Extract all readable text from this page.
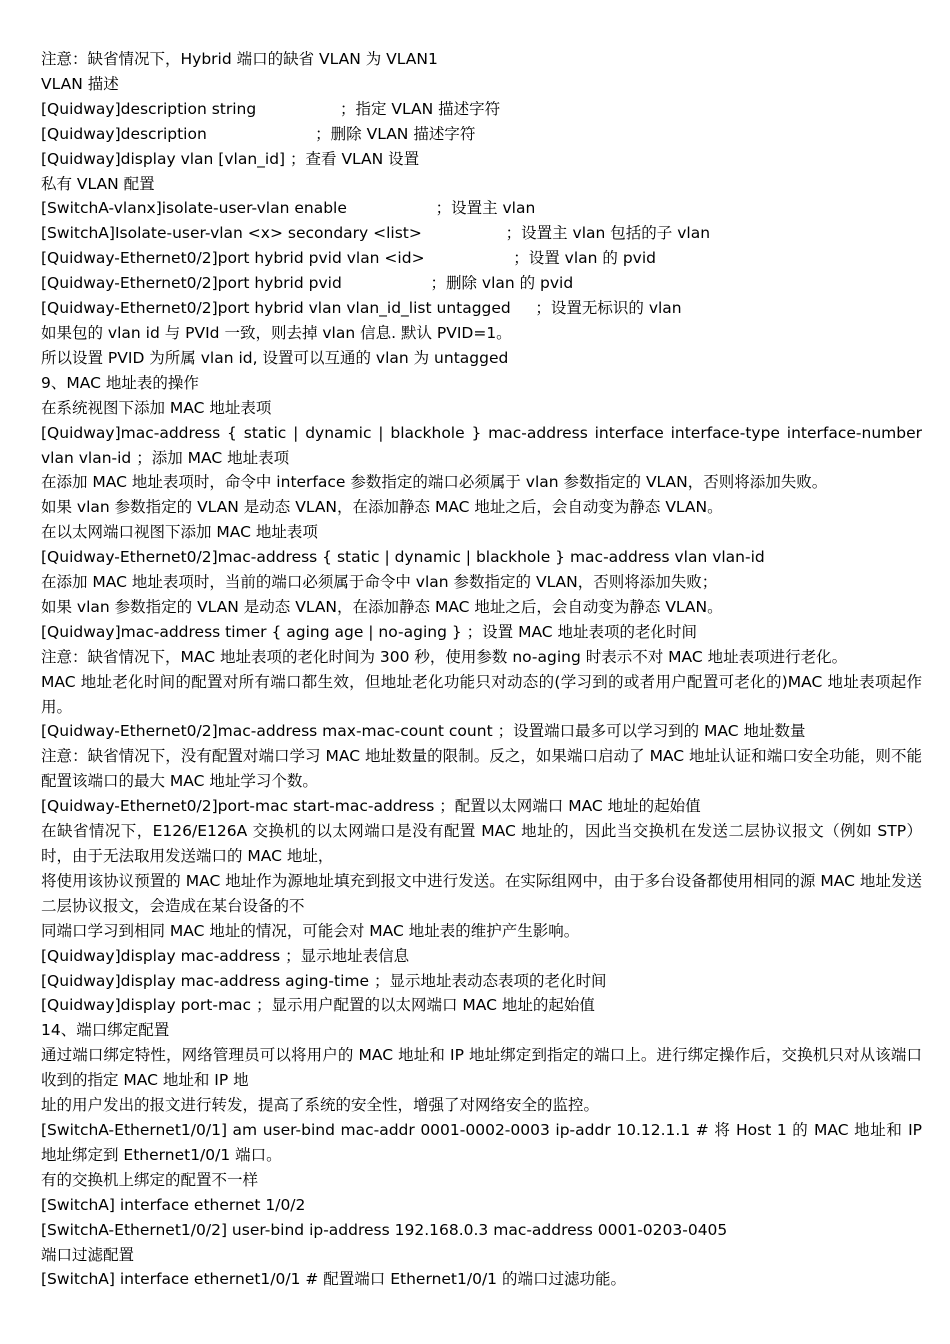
注意：缺省情况下，Hybrid 端口的缺省 VLAN 为 VLAN1
VLAN 描述
[Quidway]description string                 ；指定 VLAN 描述字符
[Quidway]description                      ；删除 VLAN 描述字符
[Quidway]display vlan [vlan_id] ；查看 VLAN 设置
私有 VLAN 配置
[SwitchA-vlanx]isolate-user-vlan enable                  ；设置主 vlan
[SwitchA]Isolate-user-vlan <x> secondary <list>                 ；设置主 vlan 包括的子 vlan
[Quidway-Ethernet0/2]port hybrid pvid vlan <id>                  ；设置 vlan 的 pvid
[Quidway-Ethernet0/2]port hybrid pvid                  ；删除 vlan 的 pvid
[Quidway-Ethernet0/2]port hybrid vlan vlan_id_list untagged     ；设置无标识的 vlan
如果包的 vlan id 与 PVId 一致，则去掉 vlan 信息. 默认 PVID=1。
所以设置 PVID 为所属 vlan id, 设置可以互通的 vlan 为 untagged
9、MAC 地址表的操作
在系统视图下添加 MAC 地址表项
[Quidway]mac-address { static | dynamic | blackhole } mac-address interface interface-type interface-number vlan vlan-id ；添加 MAC 地址表项
在添加 MAC 地址表项时，命令中 interface 参数指定的端口必须属于 vlan 参数指定的 VLAN，否则将添加失败。
如果 vlan 参数指定的 VLAN 是动态 VLAN，在添加静态 MAC 地址之后，会自动变为静态 VLAN。
在以太网端口视图下添加 MAC 地址表项
[Quidway-Ethernet0/2]mac-address { static | dynamic | blackhole } mac-address vlan vlan-id
在添加 MAC 地址表项时，当前的端口必须属于命令中 vlan 参数指定的 VLAN，否则将添加失败；
如果 vlan 参数指定的 VLAN 是动态 VLAN，在添加静态 MAC 地址之后，会自动变为静态 VLAN。
[Quidway]mac-address timer { aging age | no-aging } ；设置 MAC 地址表项的老化时间
注意：缺省情况下，MAC 地址表项的老化时间为 300 秒，使用参数 no-aging 时表示不对 MAC 地址表项进行老化。
MAC 地址老化时间的配置对所有端口都生效，但地址老化功能只对动态的(学习到的或者用户配置可老化的)MAC 地址表项起作用。
[Quidway-Ethernet0/2]mac-address max-mac-count count ；设置端口最多可以学习到的 MAC 地址数量
注意：缺省情况下，没有配置对端口学习 MAC 地址数量的限制。反之，如果端口启动了 MAC 地址认证和端口安全功能，则不能配置该端口的最大 MAC 地址学习个数。
[Quidway-Ethernet0/2]port-mac start-mac-address ；配置以太网端口 MAC 地址的起始值
在缺省情况下，E126/E126A 交换机的以太网端口是没有配置 MAC 地址的，因此当交换机在发送二层协议报文（例如 STP）时，由于无法取用发送端口的 MAC 地址，
将使用该协议预置的 MAC 地址作为源地址填充到报文中进行发送。在实际组网中，由于多台设备都使用相同的源 MAC 地址发送二层协议报文，会造成在某台设备的不
同端口学习到相同 MAC 地址的情况，可能会对 MAC 地址表的维护产生影响。
[Quidway]display mac-address ；显示地址表信息
[Quidway]display mac-address aging-time ；显示地址表动态表项的老化时间
[Quidway]display port-mac ；显示用户配置的以太网端口 MAC 地址的起始值
14、端口绑定配置
通过端口绑定特性，网络管理员可以将用户的 MAC 地址和 IP 地址绑定到指定的端口上。进行绑定操作后，交换机只对从该端口收到的指定 MAC 地址和 IP 地
址的用户发出的报文进行转发，提高了系统的安全性，增强了对网络安全的监控。
[SwitchA-Ethernet1/0/1] am user-bind mac-addr 0001-0002-0003 ip-addr 10.12.1.1 # 将 Host 1 的 MAC 地址和 IP 地址绑定到 Ethernet1/0/1 端口。
有的交换机上绑定的配置不一样
[SwitchA] interface ethernet 1/0/2
[SwitchA-Ethernet1/0/2] user-bind ip-address 192.168.0.3 mac-address 0001-0203-0405
端口过滤配置
[SwitchA] interface ethernet1/0/1 # 配置端口 Ethernet1/0/1 的端口过滤功能。
